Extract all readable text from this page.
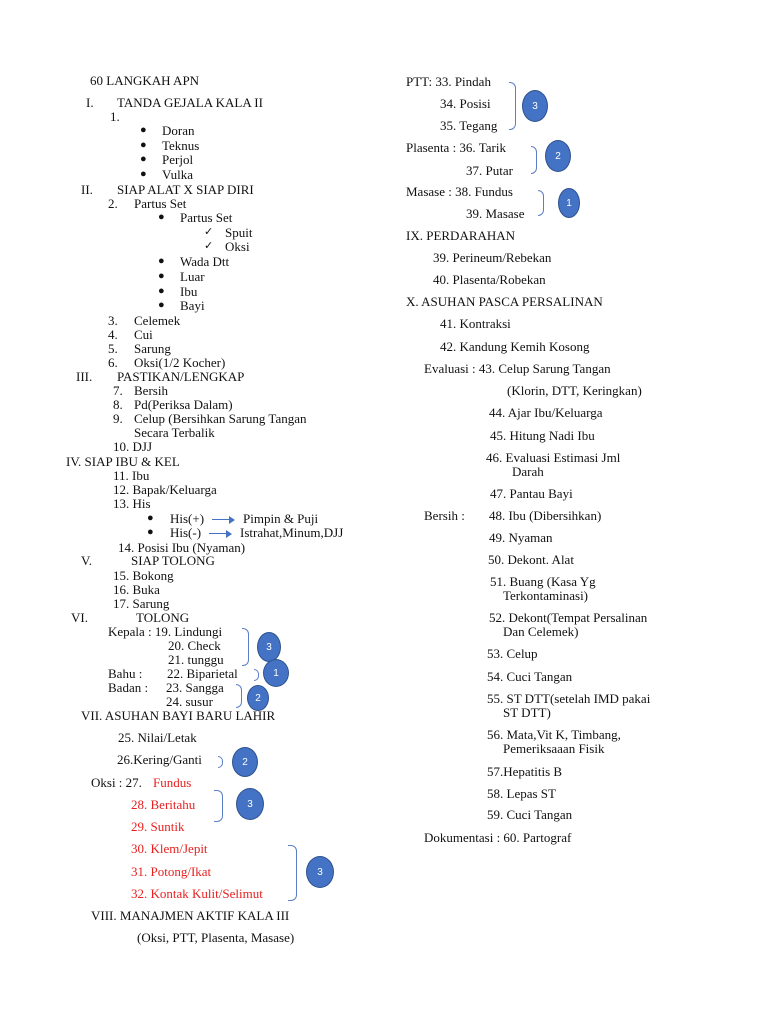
60 LANGKAH APN
I. TANDA GEJALA KALA II
1.
● Doran
● Teknus
● Perjol
● Vulka
II. SIAP ALAT X SIAP DIRI
2. Partus Set
● Partus Set
✓ Spuit
✓ Oksi
● Wada Dtt
● Luar
● Ibu
● Bayi
3. Celemek
4. Cui
5. Sarung
6. Oksi(1/2 Kocher)
III. PASTIKAN/LENGKAP
7. Bersih
8. Pd(Periksa Dalam)
9. Celup (Bersihkan Sarung Tangan
Secara Terbalik
10. DJJ
IV. SIAP IBU & KEL
11. Ibu
12. Bapak/Keluarga
13. His
● His(+)	Pimpin & Puji
● His(-)	Istrahat,Minum,DJJ
14. Posisi Ibu (Nyaman)
V.	SIAP TOLONG
15. Bokong
16. Buka
17. Sarung
VI.	TOLONG
Kepala : 19. Lindungi
20. Check
21. tunggu
3
Bahu : 22. Biparietal	1
Badan : 23. Sangga
24. susur	2
VII. ASUHAN BAYI BARU LAHIR
25. Nilai/Letak
26.Kering/Ganti	2
Oksi : 27. Fundus
28. Beritahu
29. Suntik
3
30. Klem/Jepit
31. Potong/Ikat
32. Kontak Kulit/Selimut
3
VIII. MANAJMEN AKTIF KALA III
(Oksi, PTT, Plasenta, Masase)
PTT: 33. Pindah
34. Posisi
35. Tegang
3
Plasenta : 36. Tarik
37. Putar
2
Masase : 38. Fundus
39. Masase
1
IX. PERDARAHAN
39. Perineum/Rebekan
40. Plasenta/Robekan
X. ASUHAN PASCA PERSALINAN
41. Kontraksi
42. Kandung Kemih Kosong
Evaluasi : 43. Celup Sarung Tangan
(Klorin, DTT, Keringkan)
44. Ajar Ibu/Keluarga
45. Hitung Nadi Ibu
46. Evaluasi Estimasi Jml
Darah
47. Pantau Bayi
Bersih : 48. Ibu (Dibersihkan)
49. Nyaman
50. Dekont. Alat
51. Buang (Kasa Yg
Terkontaminasi)
52. Dekont(Tempat Persalinan
Dan Celemek)
53. Celup
54. Cuci Tangan
55. ST DTT(setelah IMD pakai
ST DTT)
56. Mata,Vit K, Timbang,
Pemeriksaaan Fisik
57.Hepatitis B
58. Lepas ST
59. Cuci Tangan
Dokumentasi : 60. Partograf
